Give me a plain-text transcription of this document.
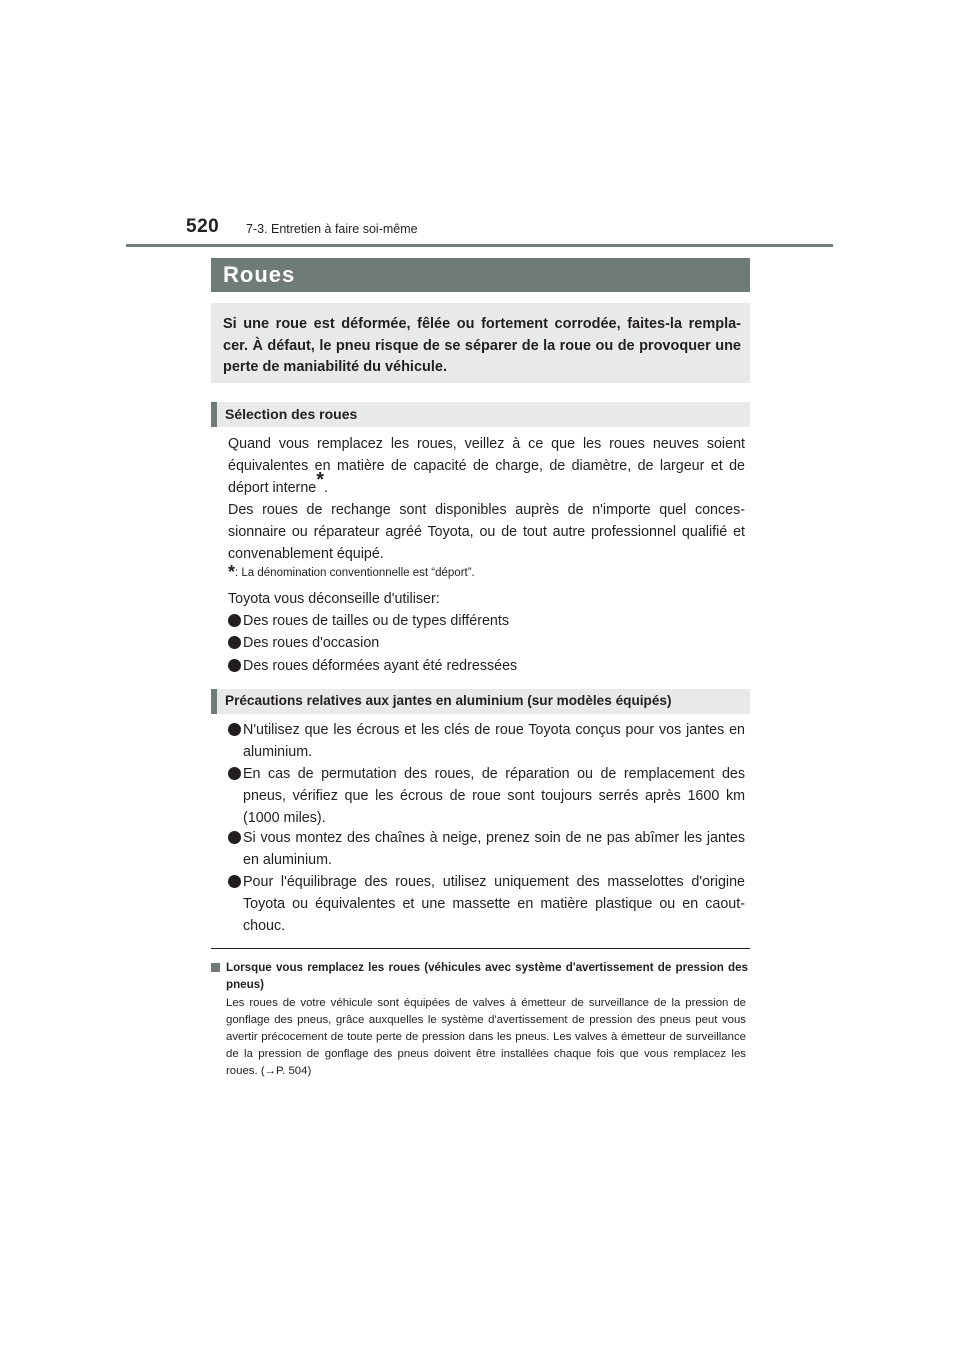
520 7-3. Entretien à faire soi-même
Roues
Si une roue est déformée, fêlée ou fortement corrodée, faites-la rempla- cer. À défaut, le pneu risque de se séparer de la roue ou de provoquer une perte de maniabilité du véhicule.
Sélection des roues
Quand vous remplacez les roues, veillez à ce que les roues neuves soient équivalentes en matière de capacité de charge, de diamètre, de largeur et de déport interne*.
Des roues de rechange sont disponibles auprès de n'importe quel conces- sionnaire ou réparateur agréé Toyota, ou de tout autre professionnel qualifié et convenablement équipé.
*: La dénomination conventionnelle est “déport”.
Toyota vous déconseille d'utiliser:
Des roues de tailles ou de types différents
Des roues d'occasion
Des roues déformées ayant été redressées
Précautions relatives aux jantes en aluminium (sur modèles équipés)
N'utilisez que les écrous et les clés de roue Toyota conçus pour vos jantes en aluminium.
En cas de permutation des roues, de réparation ou de remplacement des pneus, vérifiez que les écrous de roue sont toujours serrés après 1600 km (1000 miles).
Si vous montez des chaînes à neige, prenez soin de ne pas abîmer les jantes en aluminium.
Pour l'équilibrage des roues, utilisez uniquement des masselottes d'origine Toyota ou équivalentes et une massette en matière plastique ou en caout- chouc.
Lorsque vous remplacez les roues (véhicules avec système d'avertissement de pression des pneus)
Les roues de votre véhicule sont équipées de valves à émetteur de surveillance de la pression de gonflage des pneus, grâce auxquelles le système d'avertissement de pression des pneus peut vous avertir précocement de toute perte de pression dans les pneus. Les valves à émetteur de surveillance de la pression de gonflage des pneus doivent être installées chaque fois que vous remplacez les roues. (→P. 504)
